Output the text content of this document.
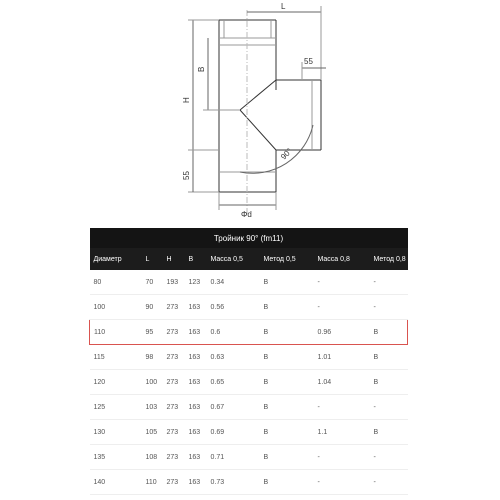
L
B
H
55
55
90°
Φd
Тройник 90° (fm11)							
Диаметр	L	H	B	Масса 0,5	Метод 0,5	Масса 0,8	Метод 0,8
80	70	193	123	0.34	B	-	-
100	90	273	163	0.56	B	-	-
110	95	273	163	0.6	B	0.96	B
115	98	273	163	0.63	B	1.01	B
120	100	273	163	0.65	B	1.04	B
125	103	273	163	0.67	B	-	-
130	105	273	163	0.69	B	1.1	B
135	108	273	163	0.71	B	-	-
140	110	273	163	0.73	B	-	-
